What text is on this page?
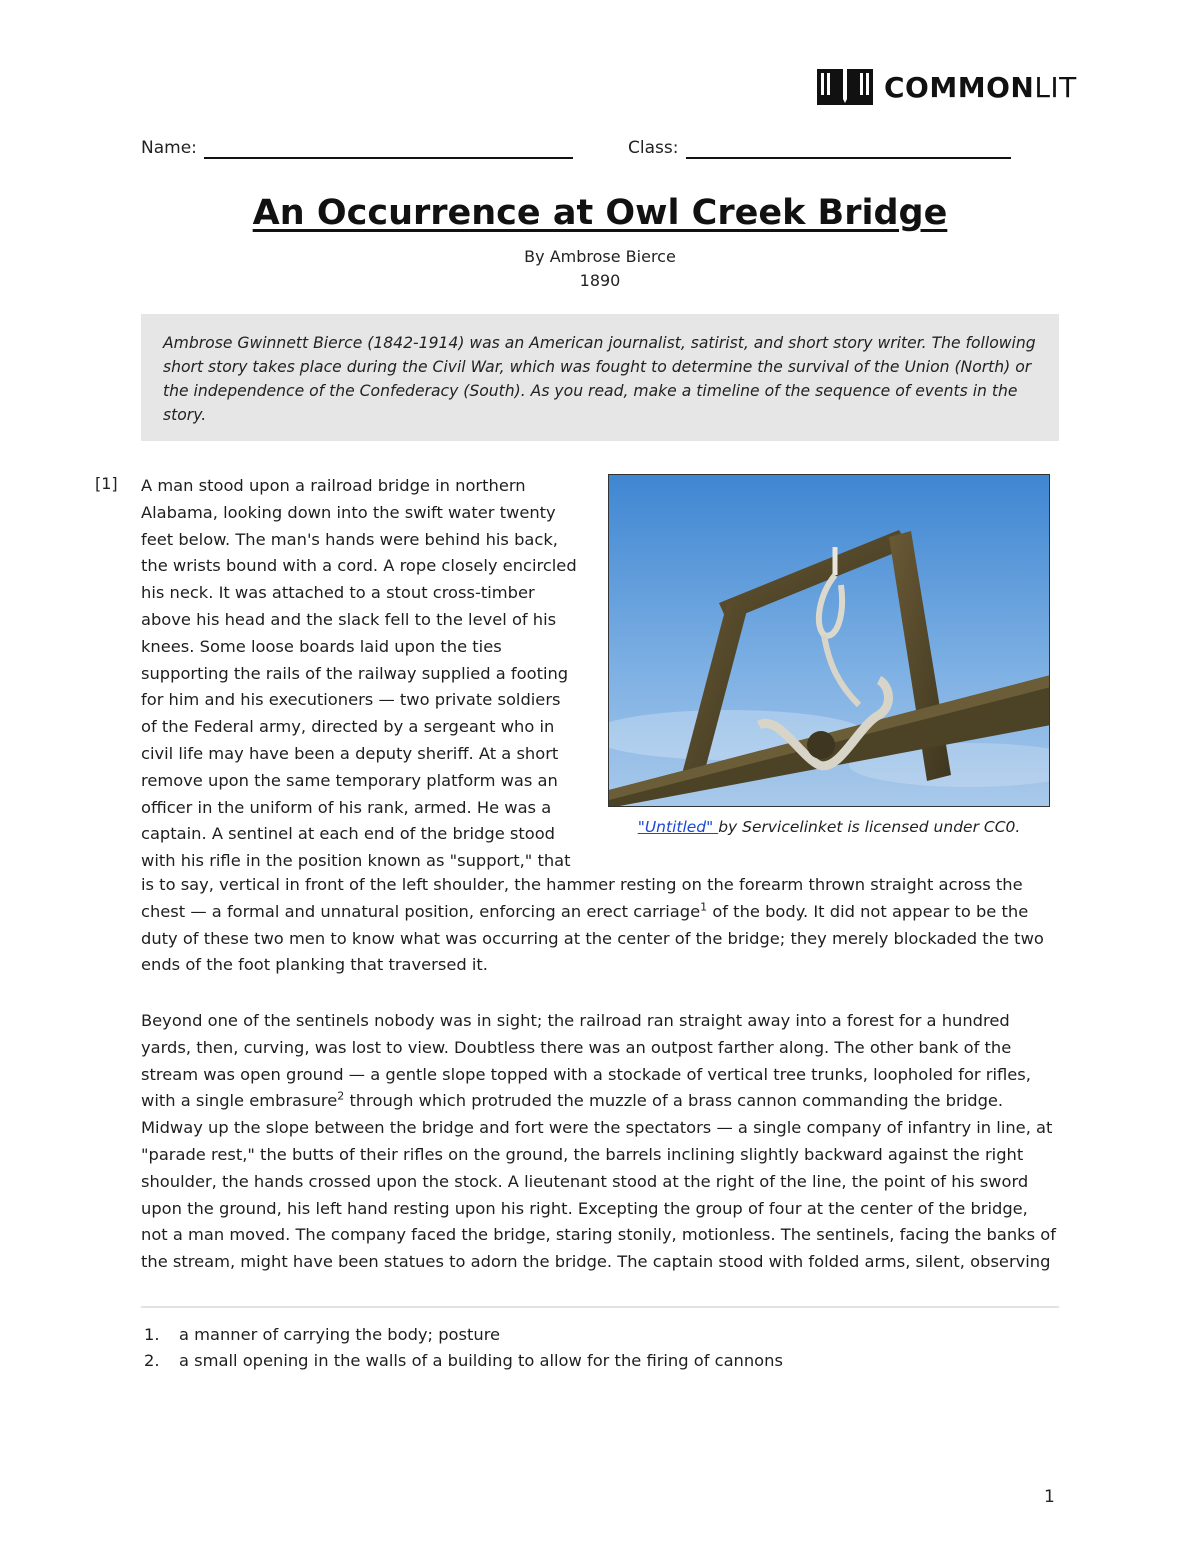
COMMONLIT
Name:	Class:
An Occurrence at Owl Creek Bridge
By Ambrose Bierce
1890
Ambrose Gwinnett Bierce (1842-1914) was an American journalist, satirist, and short story writer. The following short story takes place during the Civil War, which was fought to determine the survival of the Union (North) or the independence of the Confederacy (South). As you read, make a timeline of the sequence of events in the story.
[1] A man stood upon a railroad bridge in northern
Alabama, looking down into the swift water twenty
feet below. The man's hands were behind his back,
the wrists bound with a cord. A rope closely encircled
his neck. It was attached to a stout cross-timber
above his head and the slack fell to the level of his
knees. Some loose boards laid upon the ties
supporting the rails of the railway supplied a footing
for him and his executioners — two private soldiers
of the Federal army, directed by a sergeant who in
civil life may have been a deputy sheriff. At a short
remove upon the same temporary platform was an
officer in the uniform of his rank, armed. He was a
captain. A sentinel at each end of the bridge stood
with his rifle in the position known as "support," that
"Untitled" by Servicelinket is licensed under CC0.
is to say, vertical in front of the left shoulder, the hammer resting on the forearm thrown straight across the
chest — a formal and unnatural position, enforcing an erect carriage$^1$ of the body. It did not appear to be the
duty of these two men to know what was occurring at the center of the bridge; they merely blockaded the two
ends of the foot planking that traversed it.
Beyond one of the sentinels nobody was in sight; the railroad ran straight away into a forest for a hundred
yards, then, curving, was lost to view. Doubtless there was an outpost farther along. The other bank of the
stream was open ground — a gentle slope topped with a stockade of vertical tree trunks, loopholed for rifles,
with a single embrasure$^2$ through which protruded the muzzle of a brass cannon commanding the bridge.
Midway up the slope between the bridge and fort were the spectators — a single company of infantry in line, at
"parade rest," the butts of their rifles on the ground, the barrels inclining slightly backward against the right
shoulder, the hands crossed upon the stock. A lieutenant stood at the right of the line, the point of his sword
upon the ground, his left hand resting upon his right. Excepting the group of four at the center of the bridge,
not a man moved. The company faced the bridge, staring stonily, motionless. The sentinels, facing the banks of
the stream, might have been statues to adorn the bridge. The captain stood with folded arms, silent, observing
1.	a manner of carrying the body; posture
2.	a small opening in the walls of a building to allow for the firing of cannons
1
